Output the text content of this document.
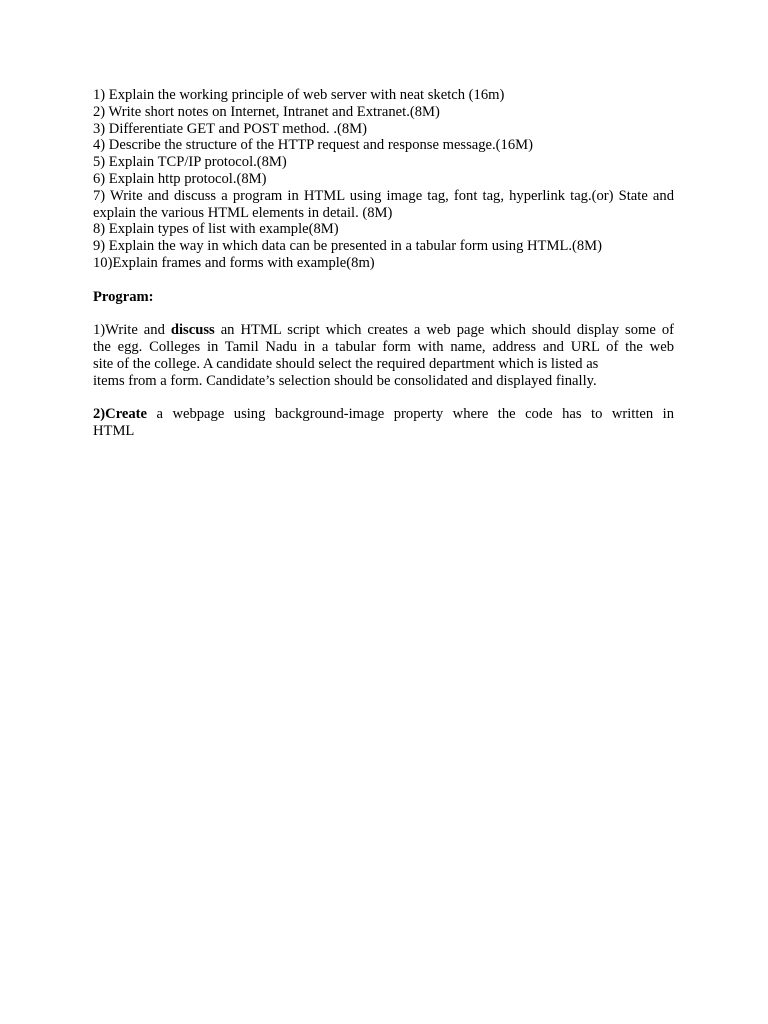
1) Explain the working principle of web server with neat sketch (16m)
2) Write short notes on Internet, Intranet and Extranet.(8M)
3) Differentiate GET and POST method. .(8M)
4) Describe the structure of the HTTP request and response message.(16M)
5) Explain TCP/IP protocol.(8M)
6) Explain http protocol.(8M)
7) Write and discuss a program in HTML using image tag, font tag, hyperlink tag.(or) State and explain the various HTML elements in detail. (8M)
8) Explain types of list with example(8M)
9) Explain the way in which data can be presented in a tabular form using HTML.(8M)
10)Explain frames and forms with example(8m)
Program:
1)Write and discuss an HTML script which creates a web page which should display some of
the egg. Colleges in Tamil Nadu in a tabular form with name, address and URL of the web
site of the college. A candidate should select the required department which is listed as
items from a form. Candidate’s selection should be consolidated and displayed finally.
2)Create a webpage using background-image property where the code has to written in
HTML
